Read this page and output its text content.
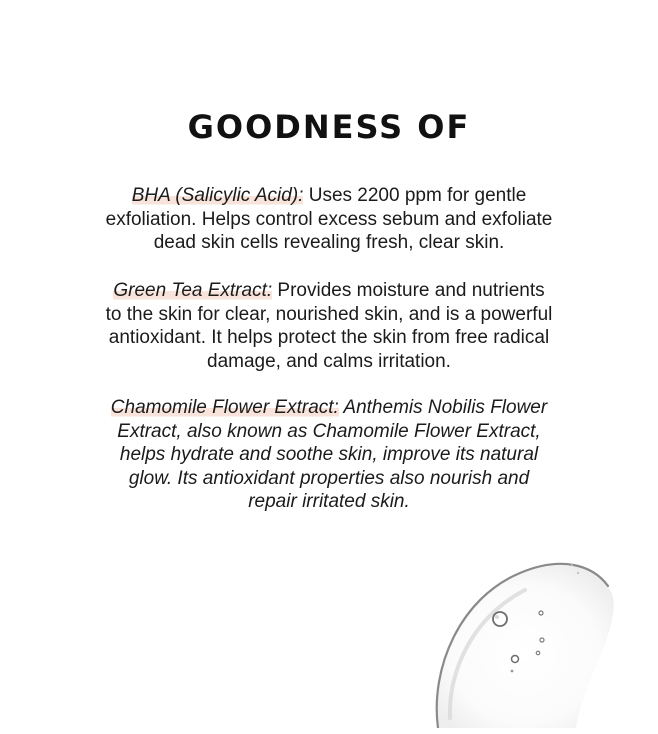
GOODNESS OF

BHA (Salicylic Acid): Uses 2200 ppm for gentle exfoliation. Helps control excess sebum and exfoliate dead skin cells revealing fresh, clear skin.

Green Tea Extract: Provides moisture and nutrients to the skin for clear, nourished skin, and is a powerful antioxidant. It helps protect the skin from free radical damage, and calms irritation.

Chamomile Flower Extract: Anthemis Nobilis Flower Extract, also known as Chamomile Flower Extract, helps hydrate and soothe skin, improve its natural glow. Its antioxidant properties also nourish and repair irritated skin.
